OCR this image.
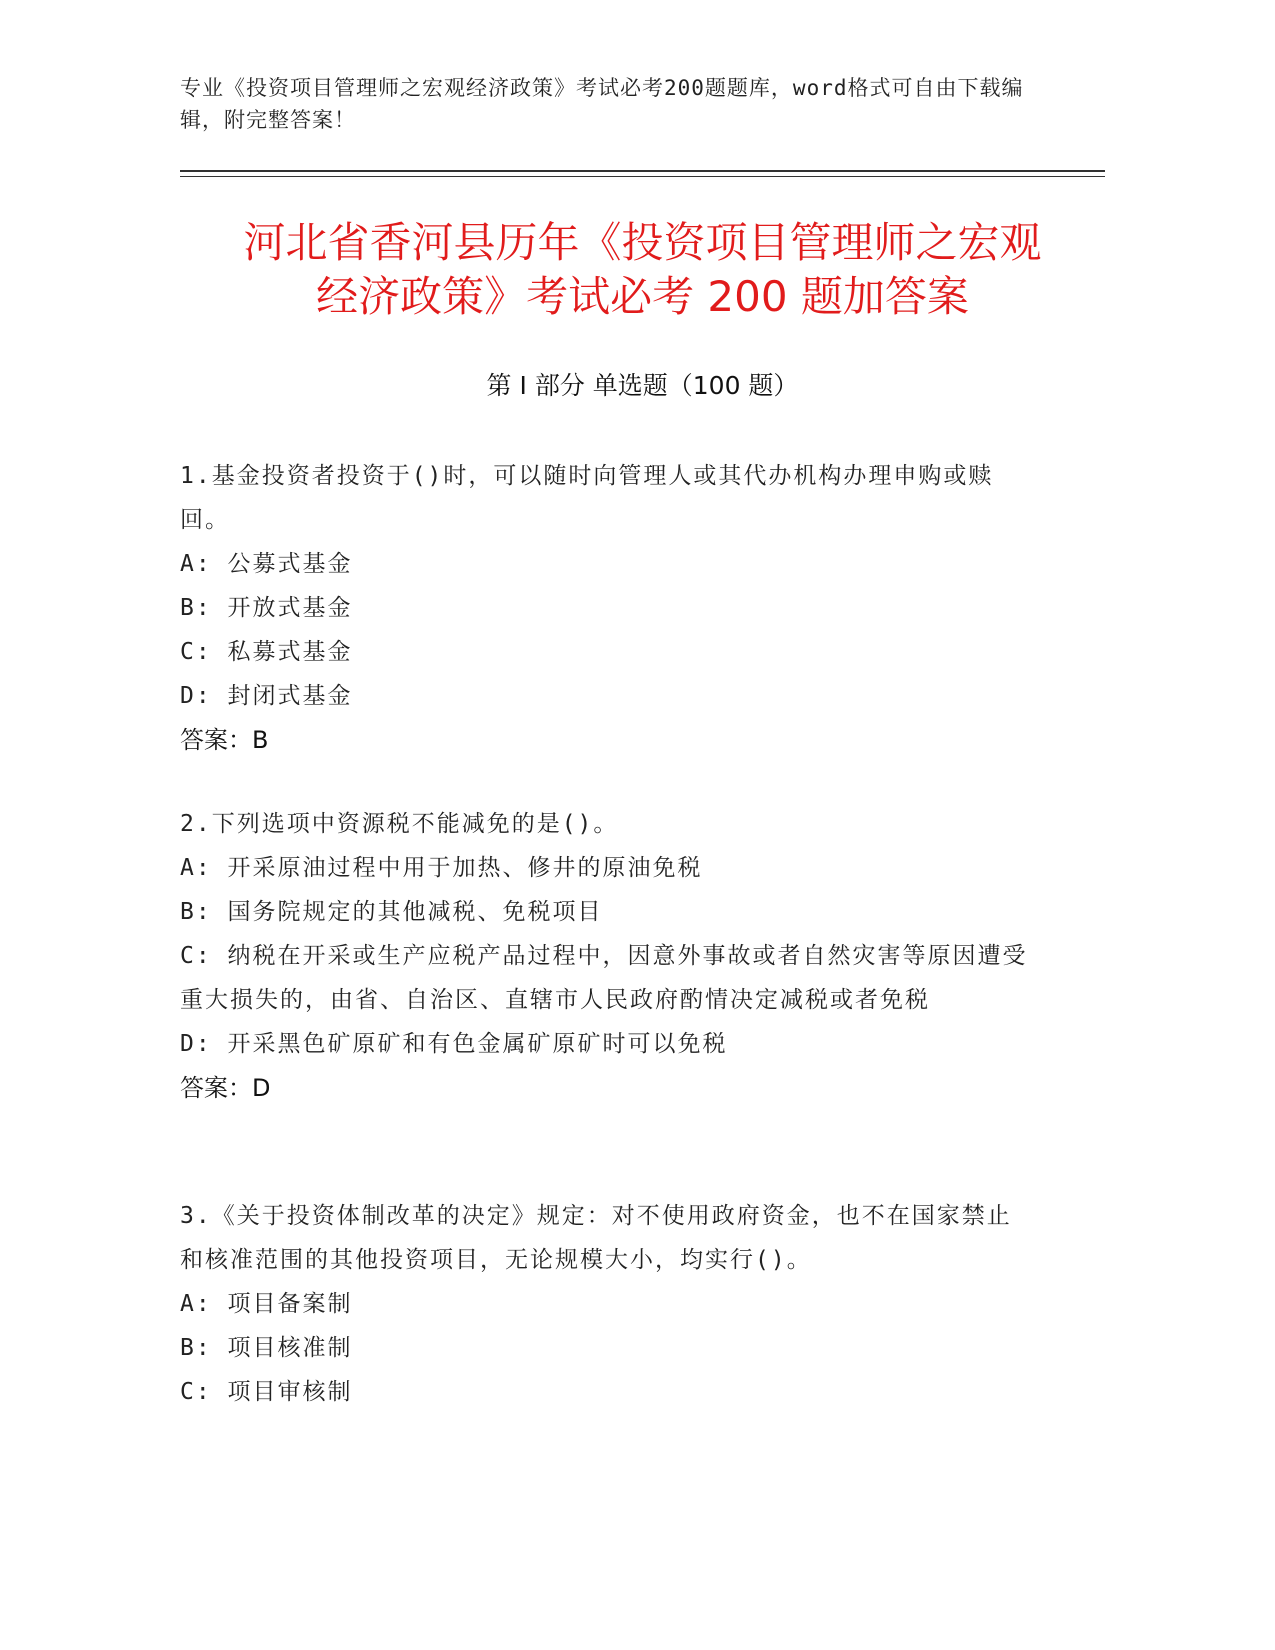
专业《投资项目管理师之宏观经济政策》考试必考200题题库，word格式可自由下载编辑，附完整答案！
河北省香河县历年《投资项目管理师之宏观
经济政策》考试必考 200 题加答案
第 I 部分 单选题（100 题）

1.基金投资者投资于()时，可以随时向管理人或其代办机构办理申购或赎回。

A: 公募式基金

B: 开放式基金

C: 私募式基金

D: 封闭式基金

答案：B

2.下列选项中资源税不能减免的是()。

A: 开采原油过程中用于加热、修井的原油免税

B: 国务院规定的其他减税、免税项目

C: 纳税在开采或生产应税产品过程中，因意外事故或者自然灾害等原因遭受重大损失的，由省、自治区、直辖市人民政府酌情决定减税或者免税

D: 开采黑色矿原矿和有色金属矿原矿时可以免税

答案：D

3.《关于投资体制改革的决定》规定：对不使用政府资金，也不在国家禁止和核准范围的其他投资项目，无论规模大小，均实行()。

A: 项目备案制

B: 项目核准制

C: 项目审核制
